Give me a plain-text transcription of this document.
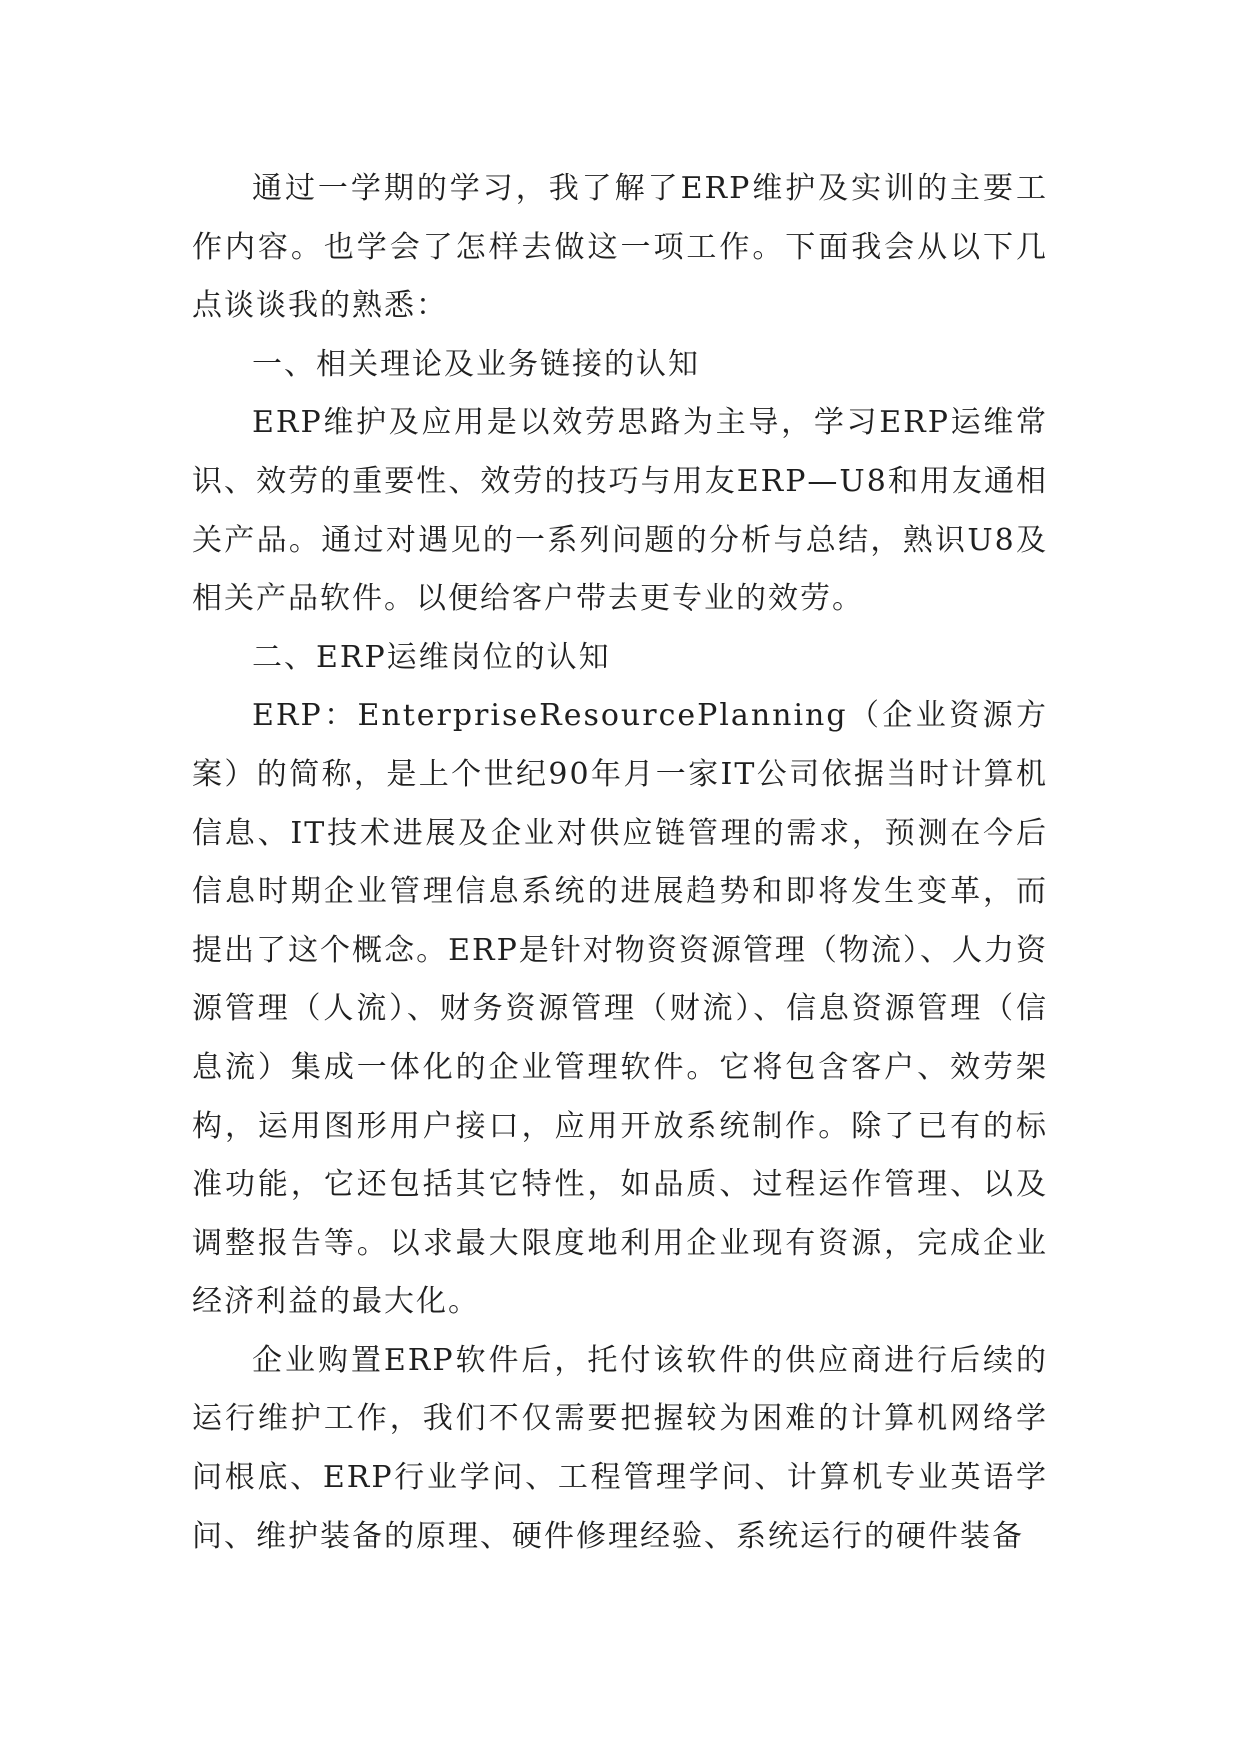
通过一学期的学习，我了解了ERP维护及实训的主要工作内容。也学会了怎样去做这一项工作。下面我会从以下几点谈谈我的熟悉：

一、相关理论及业务链接的认知

ERP维护及应用是以效劳思路为主导，学习ERP运维常识、效劳的重要性、效劳的技巧与用友ERP—U8和用友通相关产品。通过对遇见的一系列问题的分析与总结，熟识U8及相关产品软件。以便给客户带去更专业的效劳。

二、ERP运维岗位的认知

ERP：EnterpriseResourcePlanning（企业资源方案）的简称，是上个世纪90年月一家IT公司依据当时计算机信息、IT技术进展及企业对供应链管理的需求，预测在今后信息时期企业管理信息系统的进展趋势和即将发生变革，而提出了这个概念。ERP是针对物资资源管理（物流）、人力资源管理（人流）、财务资源管理（财流）、信息资源管理（信息流）集成一体化的企业管理软件。它将包含客户、效劳架构，运用图形用户接口，应用开放系统制作。除了已有的标准功能，它还包括其它特性，如品质、过程运作管理、以及调整报告等。以求最大限度地利用企业现有资源，完成企业经济利益的最大化。

企业购置ERP软件后，托付该软件的供应商进行后续的运行维护工作，我们不仅需要把握较为困难的计算机网络学问根底、ERP行业学问、工程管理学问、计算机专业英语学问、维护装备的原理、硬件修理经验、系统运行的硬件装备
